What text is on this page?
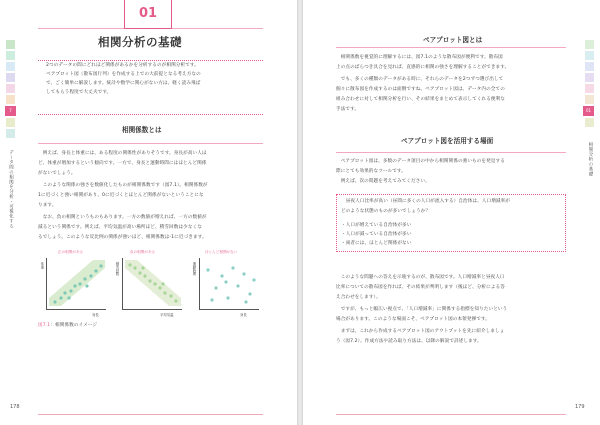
7
データ間の相関を分析・可視化する
01
相関分析の基礎
2つのデータの間にどれほど関係があるかを分析するのが相関分析です。
ペアプロット図（散布図行列）を作成する上での大前提となる考え方なの
で、ごく簡単に解説します。統計や数学に関心がない方は、軽く読み飛ば
してもらう程度で大丈夫です。
相関係数とは
　例えば、身長と体重には、ある程度の関係性がありそうです。身長が高い人ほ
ど、体重が増加するという傾向です。一方で、身長と運動時間にはほとんど関係
がないでしょう。
　このような関係の強さを数値化したものが相関係数です（図7.1）。相関係数が
1に近づくと強い相関があり、0に近づくとほとんど関係がないということにな
ります。
　なお、負の相関というものもあります。一方の数値が増えれば、一方の数値が
減るという関係です。例えば、平均気温が高い場所ほど、積雪回数は少なくな
るでしょう。このような反比例の関係が強いほど、相関係数は-1に近づきます。
正の相関がある
体重
身長
負の相関がある
積雪回数
平均気温
ほとんど相関がない
運動時間
身長
図7.1：相関係数のイメージ
178
01
相関分析の基礎
ペアプロット図とは
　相関係数を視覚的に理解するには、図7.1のような散布図が便利です。散布図
上の点のばらつき具合を見れば、直感的に相関の強さを理解することができます。
　でも、多くの種類のデータがある時に、それらのデータを2つずつ選び出して
個々に散布図を作成するのは面倒ですね。ペアプロット図は、データ内の全ての
組み合わせに対して相関分析を行い、その結果をまとめて表示してくれる便利な
手法です。
ペアプロット図を活用する場面
　ペアプロット図は、多数のデータ項目の中から相関関係の強いものを発見する
際にとても効果的なツールです。
　例えば、次の問題を考えてみてください。
　昼夜人口比率が高い（昼間に多くの人口が流入する）自治体は、人口増減率が
どのような状態のものが多いでしょうか？
・人口が増えている自治体が多い
・人口が減っている自治体が多い
・両者には、ほとんど関係がない
　このような問題への答えを示唆するのが、散布図です。人口増減率と昼夜人口
比率についての散布図を作れば、その結果が判明します（後ほど、分析による答
え合わせをします）。
　ですが、もっと幅広い視点で、「人口増減率」に関係する指標を知りたいという
場合があります。このような場面こそ、ペアプロット図の本領発揮です。
　まずは、これから作成するペアプロット図のアウトプットを先に紹介しましょ
う（図7.2）。作成方法や読み取り方法は、以降の解説で詳述します。
179
